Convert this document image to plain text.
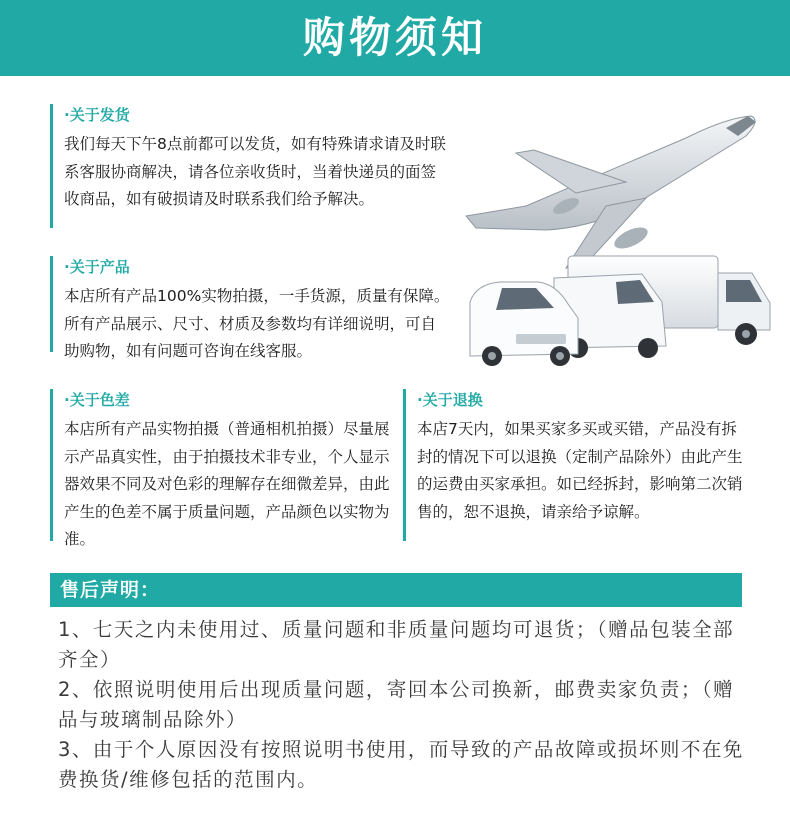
购物须知
·关于发货
我们每天下午8点前都可以发货，如有特殊请求请及时联系客服协商解决，请各位亲收货时，当着快递员的面签收商品，如有破损请及时联系我们给予解决。
·关于产品
本店所有产品100%实物拍摄，一手货源，质量有保障。所有产品展示、尺寸、材质及参数均有详细说明，可自助购物，如有问题可咨询在线客服。
·关于色差
本店所有产品实物拍摄（普通相机拍摄）尽量展示产品真实性，由于拍摄技术非专业，个人显示器效果不同及对色彩的理解存在细微差异，由此产生的色差不属于质量问题，产品颜色以实物为准。
·关于退换
本店7天内，如果买家多买或买错，产品没有拆封的情况下可以退换（定制产品除外）由此产生的运费由买家承担。如已经拆封，影响第二次销售的，恕不退换，请亲给予谅解。
售后声明：
1、七天之内未使用过、质量问题和非质量问题均可退货；（赠品包装全部齐全）
2、依照说明使用后出现质量问题，寄回本公司换新，邮费卖家负责；（赠品与玻璃制品除外）
3、由于个人原因没有按照说明书使用，而导致的产品故障或损坏则不在免费换货/维修包括的范围内。
